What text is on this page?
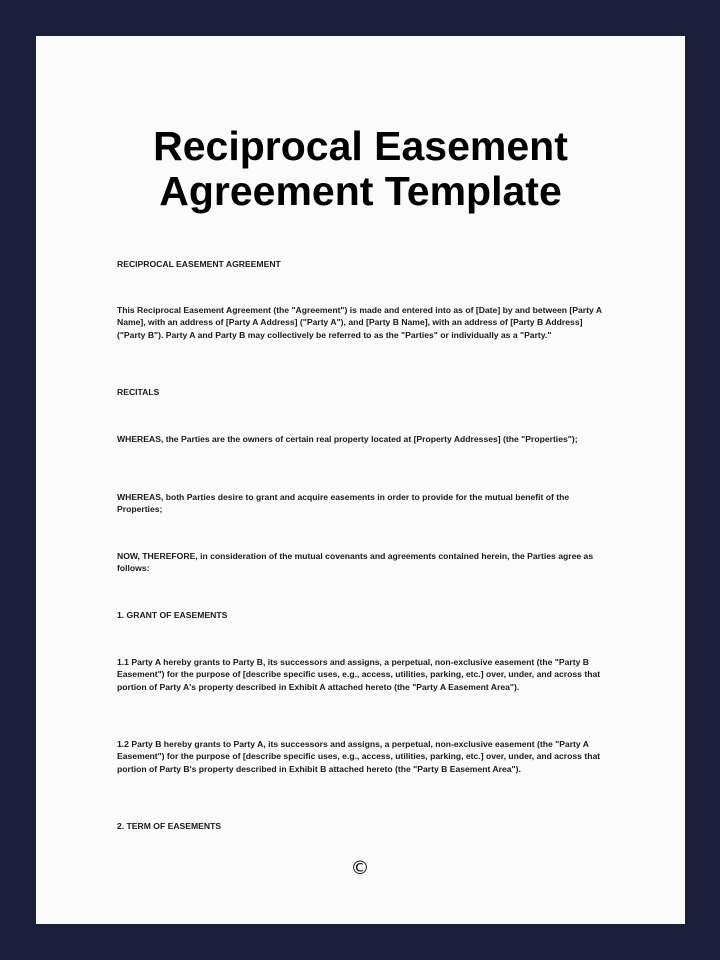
Reciprocal Easement
Agreement Template

RECIPROCAL EASEMENT AGREEMENT

This Reciprocal Easement Agreement (the "Agreement") is made and entered into as of [Date] by and between [Party A Name], with an address of [Party A Address] ("Party A"), and [Party B Name], with an address of [Party B Address] ("Party B"). Party A and Party B may collectively be referred to as the "Parties" or individually as a "Party."

RECITALS

WHEREAS, the Parties are the owners of certain real property located at [Property Addresses] (the "Properties");

WHEREAS, both Parties desire to grant and acquire easements in order to provide for the mutual benefit of the Properties;

NOW, THEREFORE, in consideration of the mutual covenants and agreements contained herein, the Parties agree as follows:

1. GRANT OF EASEMENTS

1.1 Party A hereby grants to Party B, its successors and assigns, a perpetual, non-exclusive easement (the "Party B Easement") for the purpose of [describe specific uses, e.g., access, utilities, parking, etc.] over, under, and across that portion of Party A's property described in Exhibit A attached hereto (the "Party A Easement Area").

1.2 Party B hereby grants to Party A, its successors and assigns, a perpetual, non-exclusive easement (the "Party A Easement") for the purpose of [describe specific uses, e.g., access, utilities, parking, etc.] over, under, and across that portion of Party B's property described in Exhibit B attached hereto (the "Party B Easement Area").

2. TERM OF EASEMENTS

©
